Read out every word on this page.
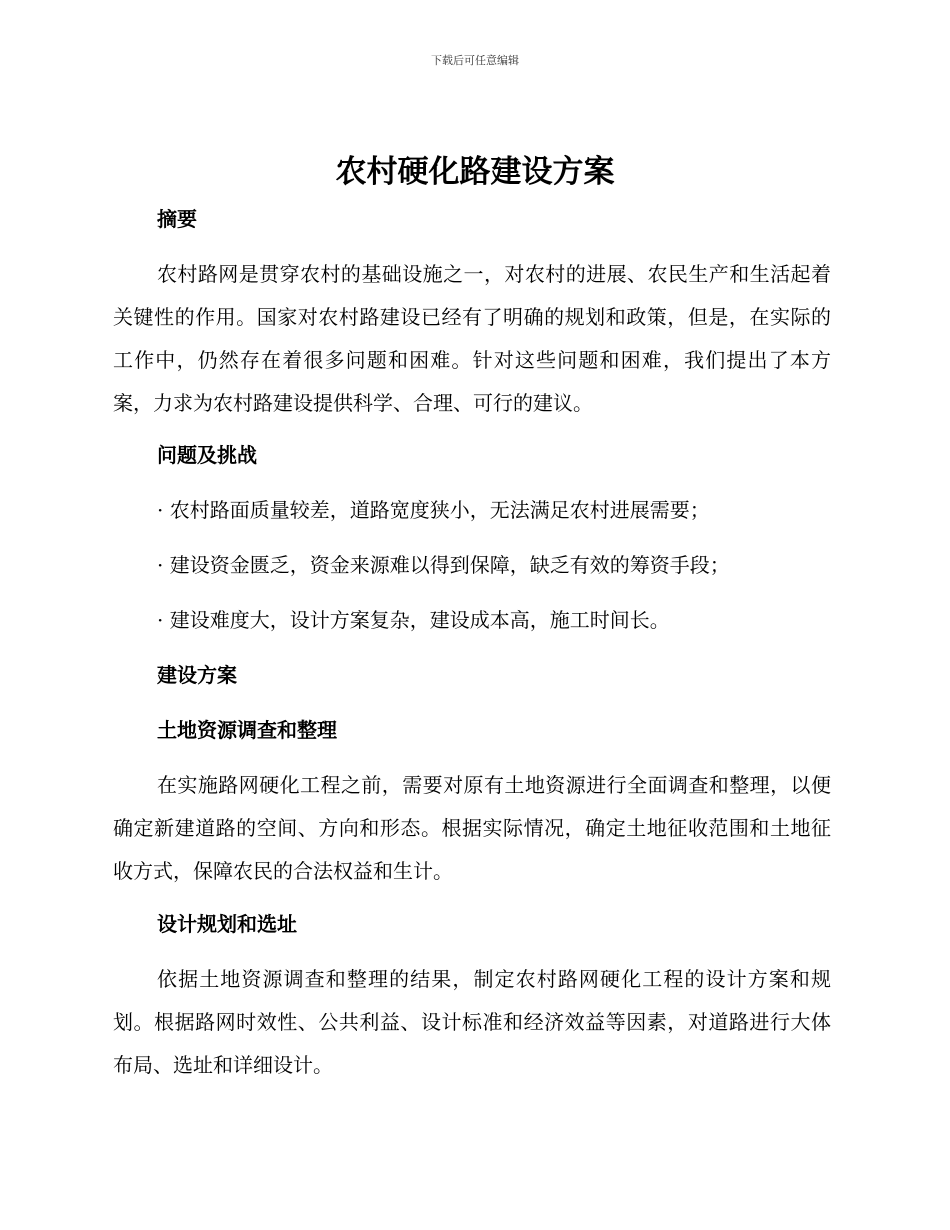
下载后可任意编辑
农村硬化路建设方案
摘要

农村路网是贯穿农村的基础设施之一，对农村的进展、农民生产和生活起着关键性的作用。国家对农村路建设已经有了明确的规划和政策，但是，在实际的工作中，仍然存在着很多问题和困难。针对这些问题和困难，我们提出了本方案，力求为农村路建设提供科学、合理、可行的建议。

问题及挑战
· 农村路面质量较差，道路宽度狭小，无法满足农村进展需要；
· 建设资金匮乏，资金来源难以得到保障，缺乏有效的筹资手段；
· 建设难度大，设计方案复杂，建设成本高，施工时间长。
建设方案
土地资源调查和整理

在实施路网硬化工程之前，需要对原有土地资源进行全面调查和整理，以便确定新建道路的空间、方向和形态。根据实际情况，确定土地征收范围和土地征收方式，保障农民的合法权益和生计。

设计规划和选址

依据土地资源调查和整理的结果，制定农村路网硬化工程的设计方案和规划。根据路网时效性、公共利益、设计标准和经济效益等因素，对道路进行大体布局、选址和详细设计。
